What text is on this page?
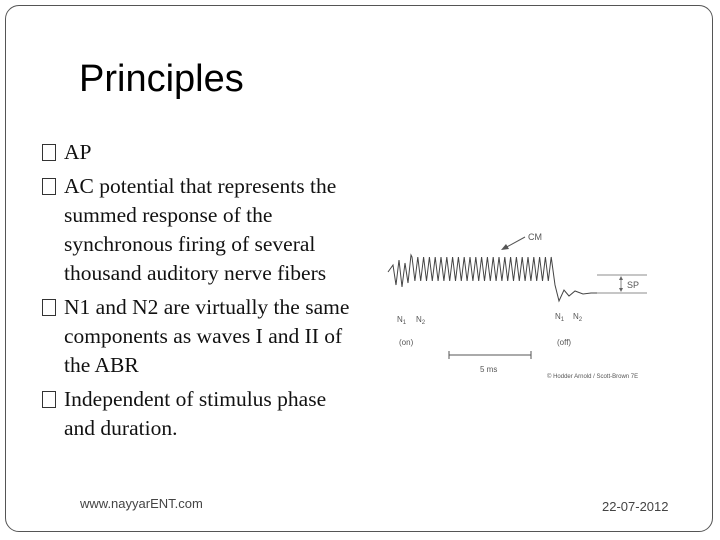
Principles
AP
AC potential that represents the summed response of the synchronous firing of several thousand auditory nerve fibers
N1 and N2 are virtually the same components as waves I and II of the ABR
Independent of stimulus phase and duration.
CM
SP
$N_1$ $N_2$
$N_1$ $N_2$
(on)	(off)
5 ms
© Hodder Arnold / Scott-Brown 7E
www.nayyarENT.com	22-07-2012
